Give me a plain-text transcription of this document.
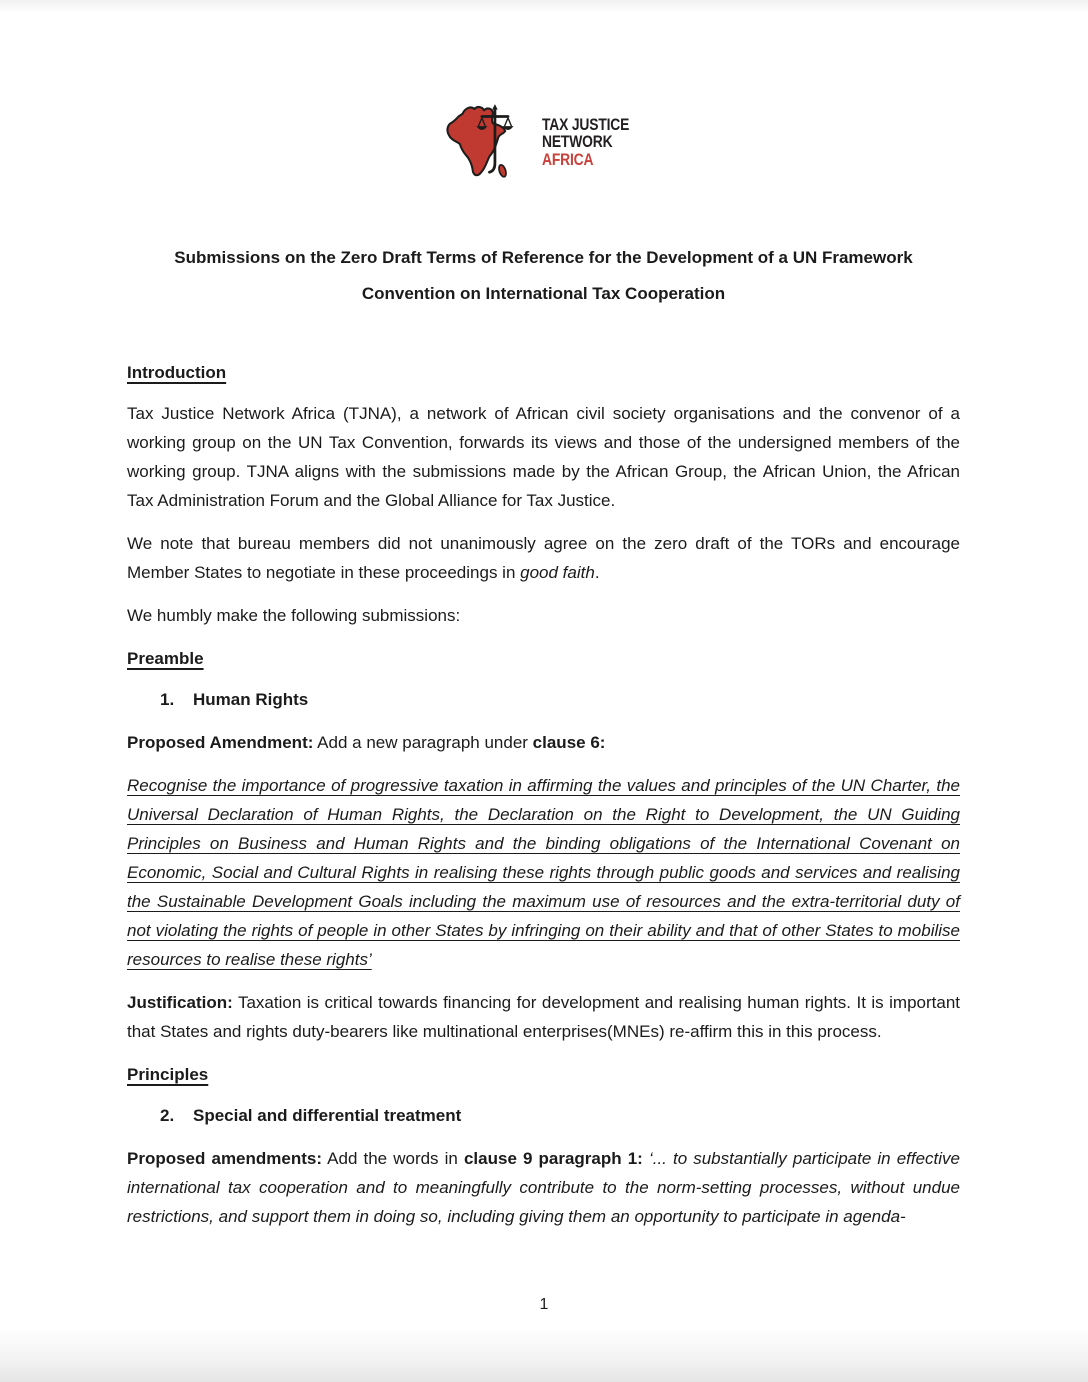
TAX JUSTICE
NETWORK
AFRICA
Submissions on the Zero Draft Terms of Reference for the Development of a UN Framework Convention on International Tax Cooperation
Introduction

Tax Justice Network Africa (TJNA), a network of African civil society organisations and the convenor of a working group on the UN Tax Convention, forwards its views and those of the undersigned members of the working group. TJNA aligns with the submissions made by the African Group, the African Union, the African Tax Administration Forum and the Global Alliance for Tax Justice.

We note that bureau members did not unanimously agree on the zero draft of the TORs and encourage Member States to negotiate in these proceedings in good faith.

We humbly make the following submissions:

Preamble
1.	Human Rights

Proposed Amendment: Add a new paragraph under clause 6:

Recognise the importance of progressive taxation in affirming the values and principles of the UN Charter, the Universal Declaration of Human Rights, the Declaration on the Right to Development, the UN Guiding Principles on Business and Human Rights and the binding obligations of the International Covenant on Economic, Social and Cultural Rights in realising these rights through public goods and services and realising the Sustainable Development Goals including the maximum use of resources and the extra-territorial duty of not violating the rights of people in other States by infringing on their ability and that of other States to mobilise resources to realise these rights’

Justification: Taxation is critical towards financing for development and realising human rights. It is important that States and rights duty-bearers like multinational enterprises(MNEs) re-affirm this in this process.

Principles
2.	Special and differential treatment

Proposed amendments: Add the words in clause 9 paragraph 1: ‘... to substantially participate in effective international tax cooperation and to meaningfully contribute to the norm-setting processes, without undue restrictions, and support them in doing so, including giving them an opportunity to participate in agenda-

1
